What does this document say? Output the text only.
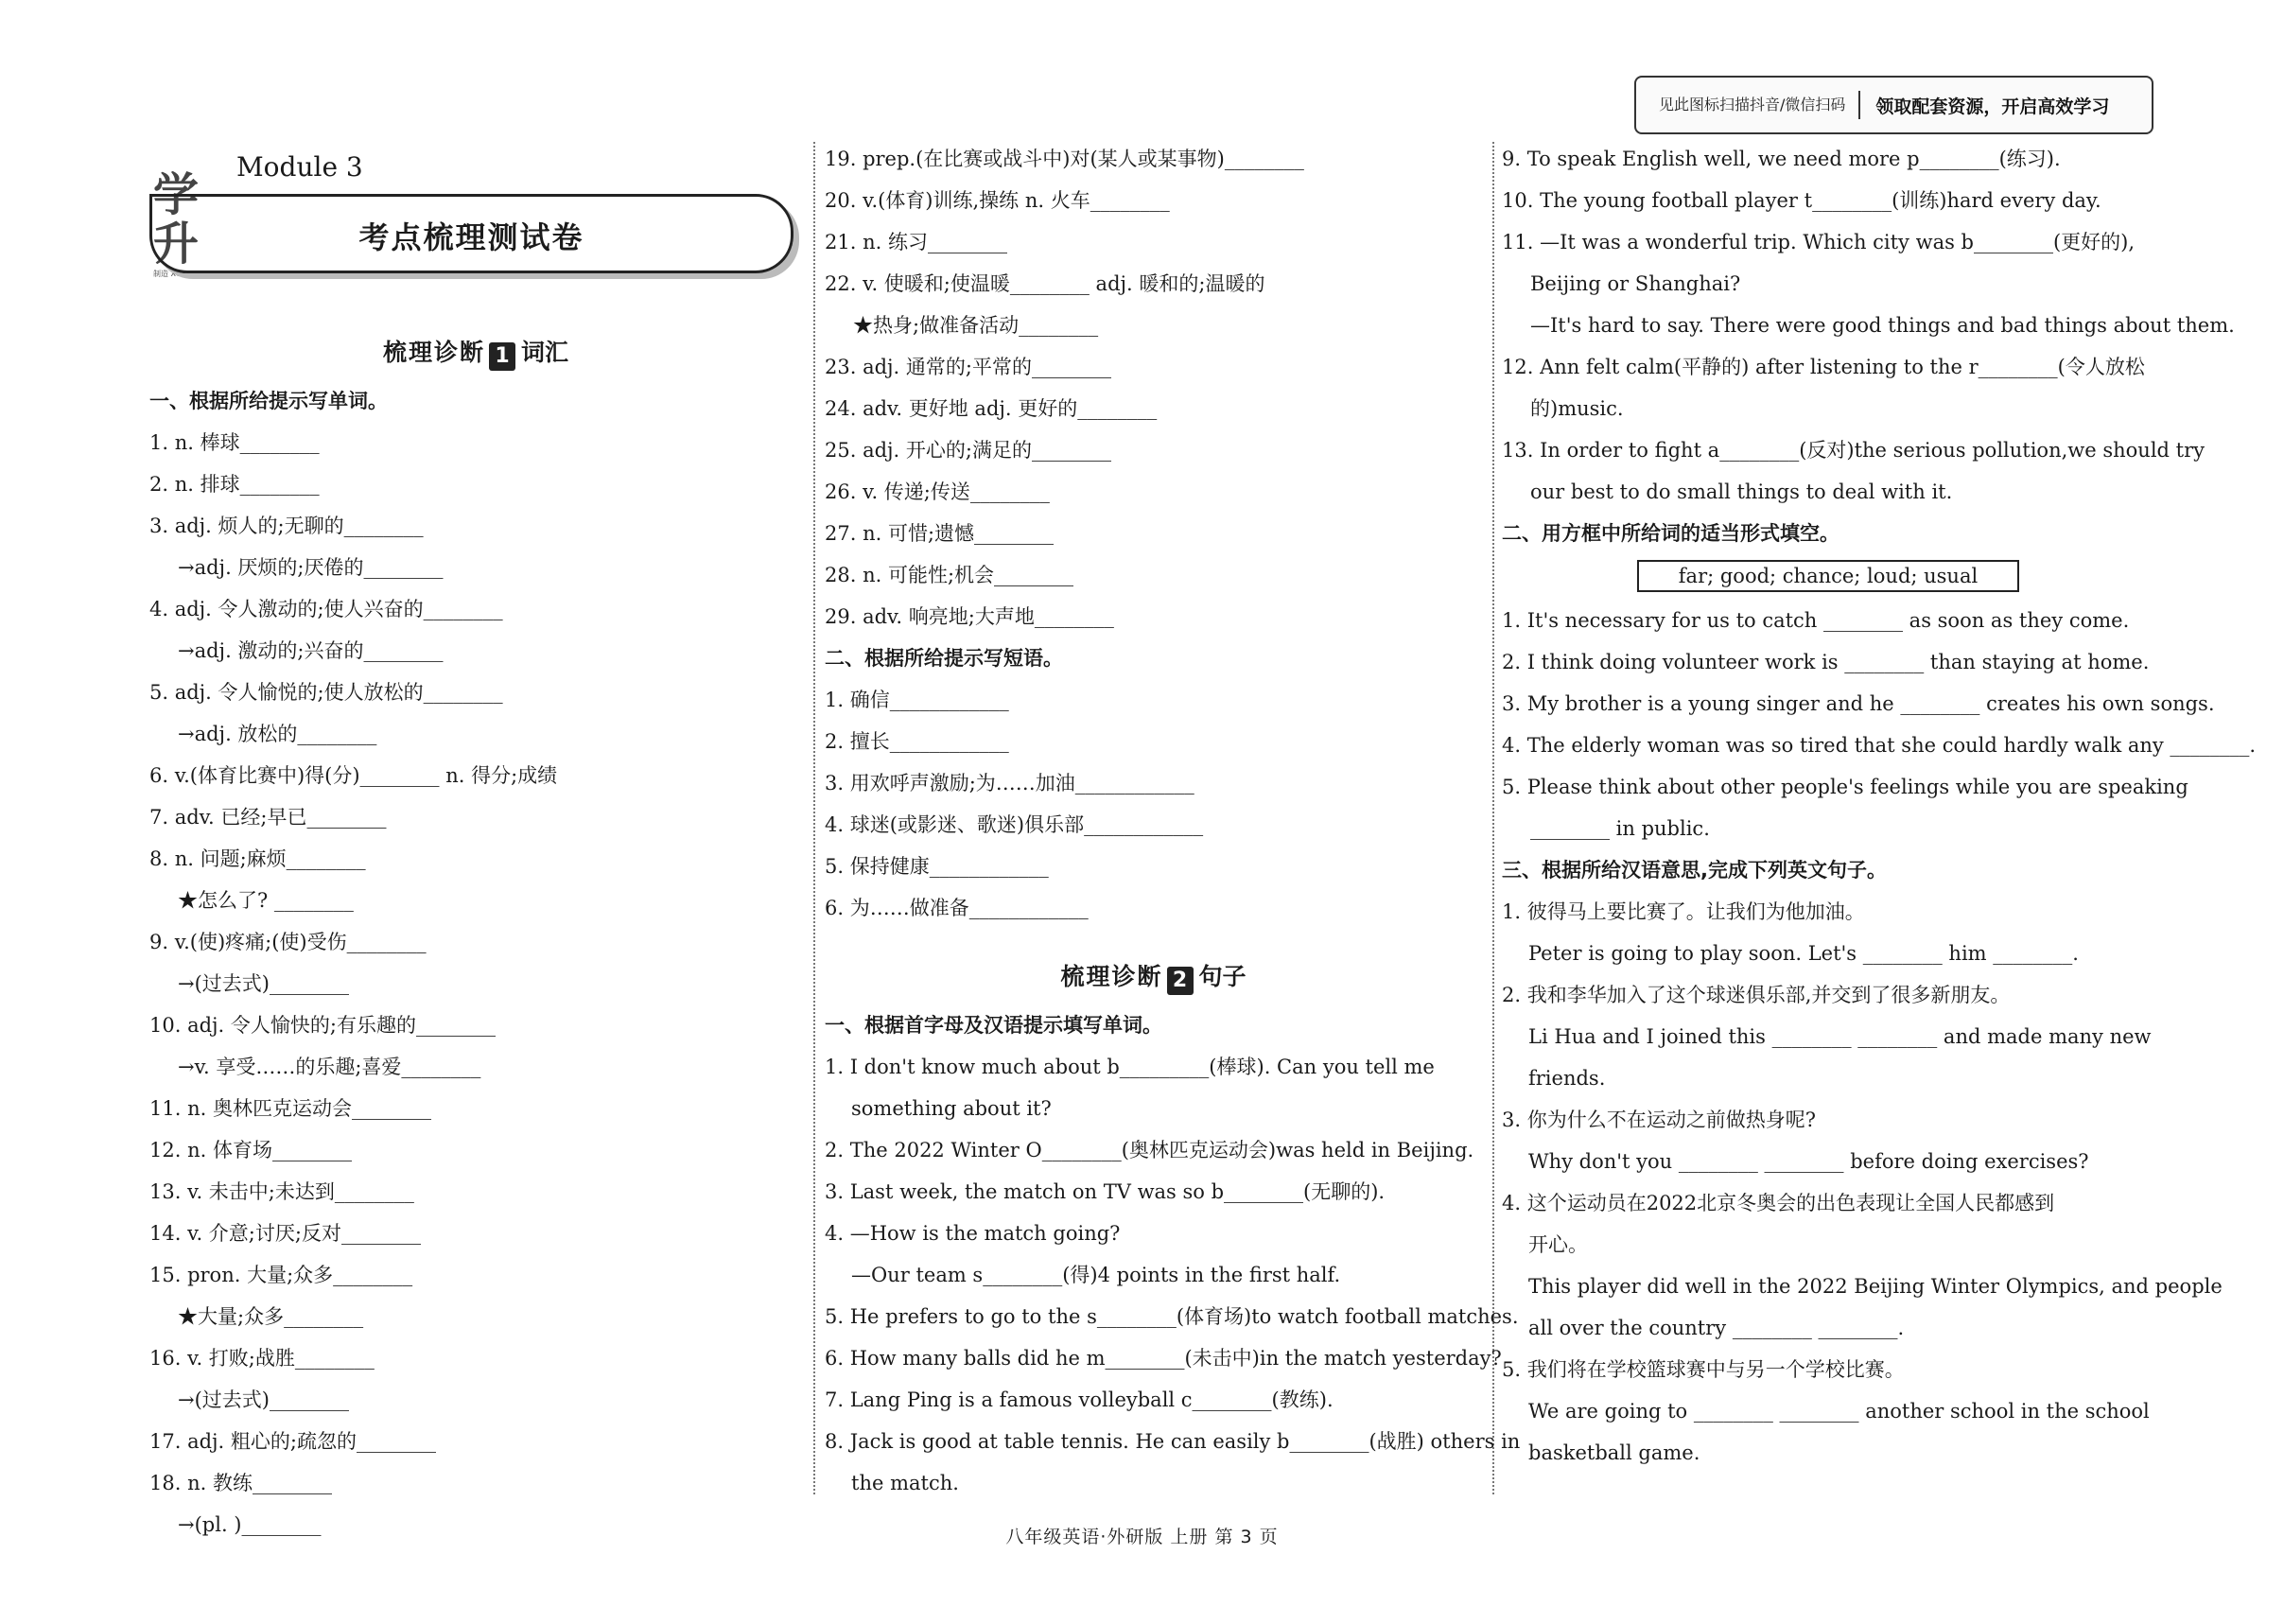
见此图标扫描抖音/微信扫码	领取配套资源，开启高效学习
学升
制造 XUESHENG
Module 3
考点梳理测试卷
梳理诊断 1 词汇
一、根据所给提示写单词。
1. n. 棒球________
2. n. 排球________
3. adj. 烦人的;无聊的________
→adj. 厌烦的;厌倦的________
4. adj. 令人激动的;使人兴奋的________
→adj. 激动的;兴奋的________
5. adj. 令人愉悦的;使人放松的________
→adj. 放松的________
6. v.(体育比赛中)得(分)________ n. 得分;成绩
7. adv. 已经;早已________
8. n. 问题;麻烦________
★怎么了? ________
9. v.(使)疼痛;(使)受伤________
→(过去式)________
10. adj. 令人愉快的;有乐趣的________
→v. 享受……的乐趣;喜爱________
11. n. 奥林匹克运动会________
12. n. 体育场________
13. v. 未击中;未达到________
14. v. 介意;讨厌;反对________
15. pron. 大量;众多________
★大量;众多________
16. v. 打败;战胜________
→(过去式)________
17. adj. 粗心的;疏忽的________
18. n. 教练________
→(pl. )________
19. prep.(在比赛或战斗中)对(某人或某事物)________
20. v.(体育)训练,操练 n. 火车________
21. n. 练习________
22. v. 使暖和;使温暖________ adj. 暖和的;温暖的
★热身;做准备活动________
23. adj. 通常的;平常的________
24. adv. 更好地 adj. 更好的________
25. adj. 开心的;满足的________
26. v. 传递;传送________
27. n. 可惜;遗憾________
28. n. 可能性;机会________
29. adv. 响亮地;大声地________
二、根据所给提示写短语。
1. 确信____________
2. 擅长____________
3. 用欢呼声激励;为……加油____________
4. 球迷(或影迷、歌迷)俱乐部____________
5. 保持健康____________
6. 为……做准备____________
梳理诊断 2 句子
一、根据首字母及汉语提示填写单词。
1. I don't know much about b_________(棒球). Can you tell me
something about it?
2. The 2022 Winter O________(奥林匹克运动会)was held in Beijing.
3. Last week, the match on TV was so b________(无聊的).
4. —How is the match going?
—Our team s________(得)4 points in the first half.
5. He prefers to go to the s________(体育场)to watch football matches.
6. How many balls did he m________(未击中)in the match yesterday?
7. Lang Ping is a famous volleyball c________(教练).
8. Jack is good at table tennis. He can easily b________(战胜) others in
the match.
9. To speak English well, we need more p________(练习).
10. The young football player t________(训练)hard every day.
11. —It was a wonderful trip. Which city was b________(更好的),
Beijing or Shanghai?
—It's hard to say. There were good things and bad things about them.
12. Ann felt calm(平静的) after listening to the r________(令人放松
的)music.
13. In order to fight a________(反对)the serious pollution,we should try
our best to do small things to deal with it.
二、用方框中所给词的适当形式填空。
far; good; chance; loud; usual
1. It's necessary for us to catch ________ as soon as they come.
2. I think doing volunteer work is ________ than staying at home.
3. My brother is a young singer and he ________ creates his own songs.
4. The elderly woman was so tired that she could hardly walk any ________.
5. Please think about other people's feelings while you are speaking
________ in public.
三、根据所给汉语意思,完成下列英文句子。
1. 彼得马上要比赛了。让我们为他加油。
Peter is going to play soon. Let's ________ him ________.
2. 我和李华加入了这个球迷俱乐部,并交到了很多新朋友。
Li Hua and I joined this ________ ________ and made many new
friends.
3. 你为什么不在运动之前做热身呢?
Why don't you ________ ________ before doing exercises?
4. 这个运动员在2022北京冬奥会的出色表现让全国人民都感到
开心。
This player did well in the 2022 Beijing Winter Olympics, and people
all over the country ________ ________.
5. 我们将在学校篮球赛中与另一个学校比赛。
We are going to ________ ________ another school in the school
basketball game.
八年级英语·外研版 上册 第 3 页
